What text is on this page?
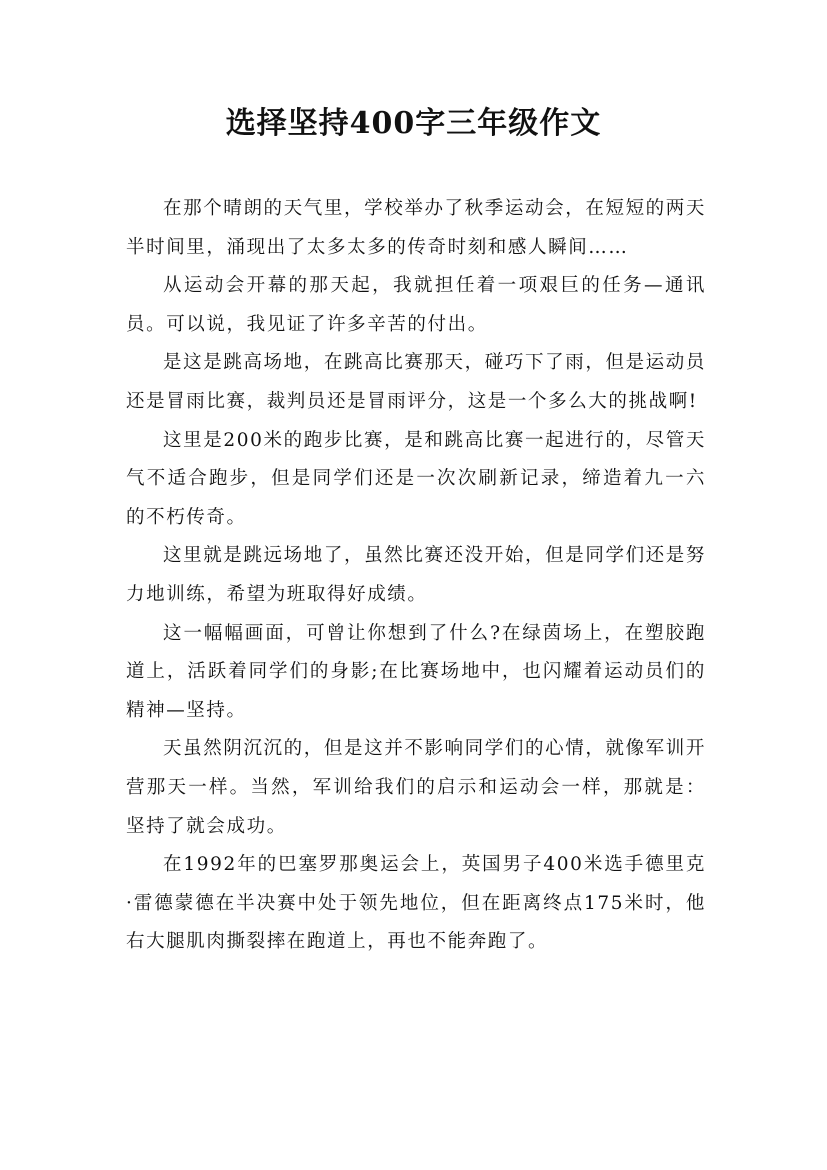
选择坚持400字三年级作文

在那个晴朗的天气里，学校举办了秋季运动会，在短短的两天半时间里，涌现出了太多太多的传奇时刻和感人瞬间……

从运动会开幕的那天起，我就担任着一项艰巨的任务—通讯员。可以说，我见证了许多辛苦的付出。

是这是跳高场地，在跳高比赛那天，碰巧下了雨，但是运动员还是冒雨比赛，裁判员还是冒雨评分，这是一个多么大的挑战啊!

这里是200米的跑步比赛，是和跳高比赛一起进行的，尽管天气不适合跑步，但是同学们还是一次次刷新记录，缔造着九一六的不朽传奇。

这里就是跳远场地了，虽然比赛还没开始，但是同学们还是努力地训练，希望为班取得好成绩。

这一幅幅画面，可曾让你想到了什么?在绿茵场上，在塑胶跑道上，活跃着同学们的身影;在比赛场地中，也闪耀着运动员们的精神—坚持。

天虽然阴沉沉的，但是这并不影响同学们的心情，就像军训开营那天一样。当然，军训给我们的启示和运动会一样，那就是：坚持了就会成功。

在1992年的巴塞罗那奥运会上，英国男子400米选手德里克·雷德蒙德在半决赛中处于领先地位，但在距离终点175米时，他右大腿肌肉撕裂摔在跑道上，再也不能奔跑了。
